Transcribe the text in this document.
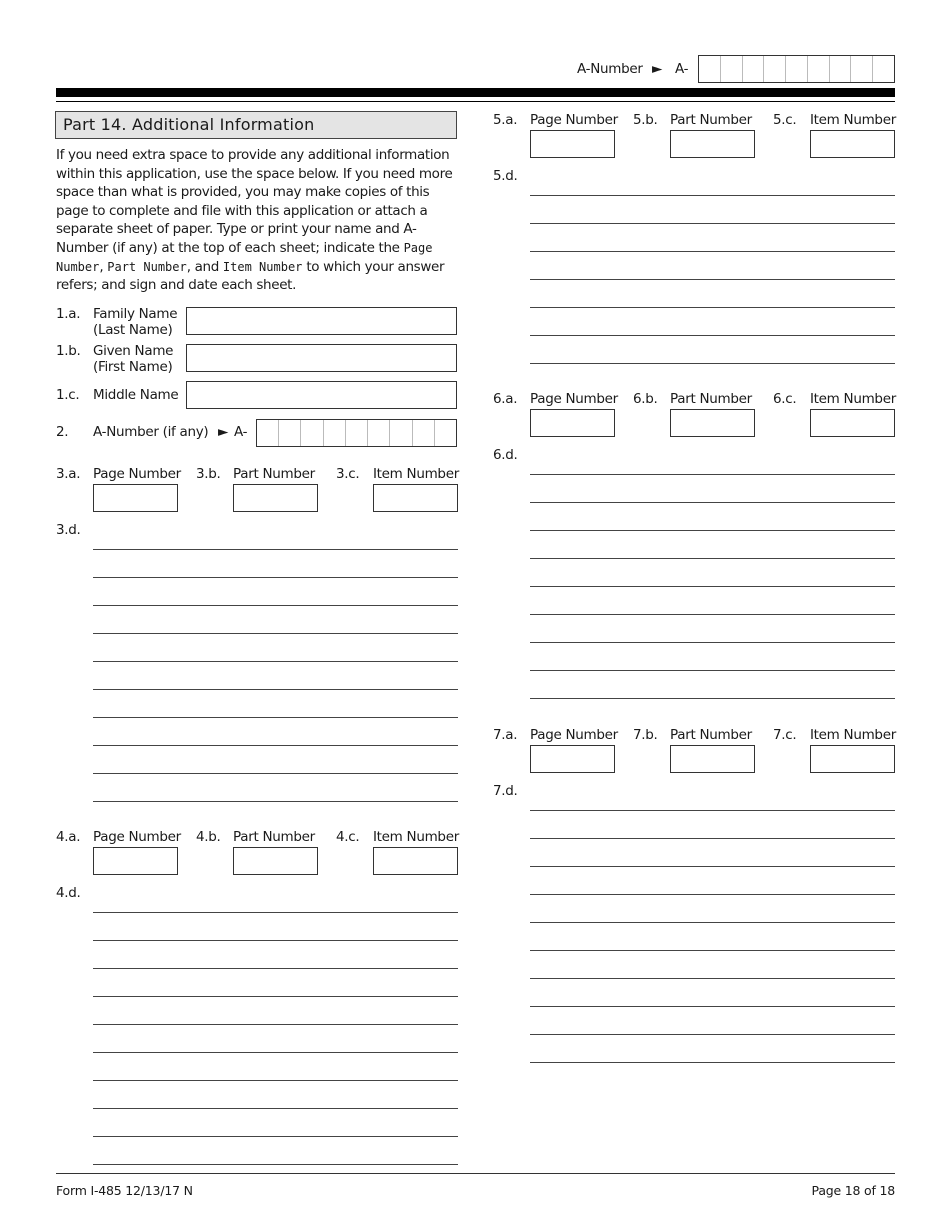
A-Number ► A-
Part 14. Additional Information
If you need extra space to provide any additional information within this application, use the space below. If you need more space than what is provided, you may make copies of this page to complete and file with this application or attach a separate sheet of paper. Type or print your name and A-Number (if any) at the top of each sheet; indicate the Page Number, Part Number, and Item Number to which your answer refers; and sign and date each sheet.
1.a. Family Name
(Last Name)
1.b. Given Name
(First Name)
1.c. Middle Name
2. A-Number (if any) ► A-
3.a. Page Number 3.b. Part Number 3.c. Item Number
3.d.
4.a. Page Number 4.b. Part Number 4.c. Item Number
4.d.
5.a. Page Number 5.b. Part Number 5.c. Item Number
5.d.
6.a. Page Number 6.b. Part Number 6.c. Item Number
6.d.
7.a. Page Number 7.b. Part Number 7.c. Item Number
7.d.
Form I-485 12/13/17 N	Page 18 of 18
